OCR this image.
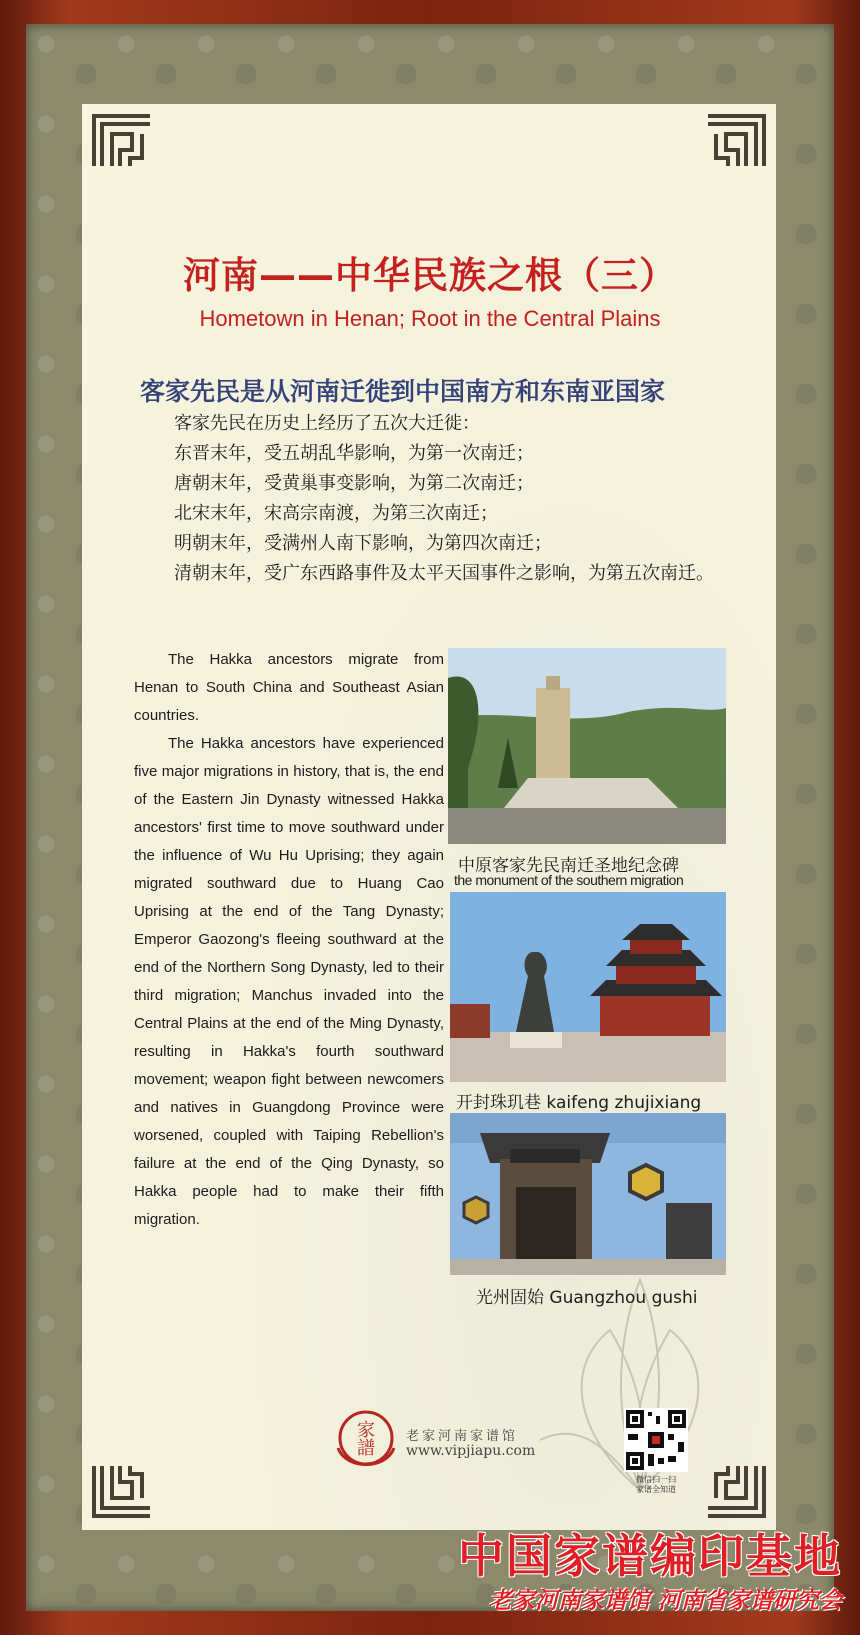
河南——中华民族之根（三）
Hometown in Henan; Root in the Central Plains
客家先民是从河南迁徙到中国南方和东南亚国家

客家先民在历史上经历了五次大迁徙：

东晋末年，受五胡乱华影响，为第一次南迁；

唐朝末年，受黄巢事变影响，为第二次南迁；

北宋末年，宋高宗南渡，为第三次南迁；

明朝末年，受满州人南下影响，为第四次南迁；

清朝末年，受广东西路事件及太平天国事件之影响，为第五次南迁。

The Hakka ancestors migrate from Henan to South China and Southeast Asian countries.

The Hakka ancestors have experienced five major migrations in history, that is, the end of the Eastern Jin Dynasty witnessed Hakka ancestors' first time to move southward under the influence of Wu Hu Uprising; they again migrated southward due to Huang Cao Uprising at the end of the Tang Dynasty; Emperor Gaozong's fleeing southward at the end of the Northern Song Dynasty, led to their third migration; Manchus invaded into the Central Plains at the end of the Ming Dynasty, resulting in Hakka's fourth southward movement; weapon fight between newcomers and natives in Guangdong Province were worsened, coupled with Taiping Rebellion's failure at the end of the Qing Dynasty, so Hakka people had to make their fifth migration.

中原客家先民南迁圣地纪念碑
the monument of the southern migration
开封珠玑巷 kaifeng zhujixiang
光州固始 Guangzhou gushi
家
譜
老家河南家谱馆
www.vipjiapu.com
微信扫一扫
家谱全知道
中国家谱编印基地
老家河南家谱馆 河南省家谱研究会
